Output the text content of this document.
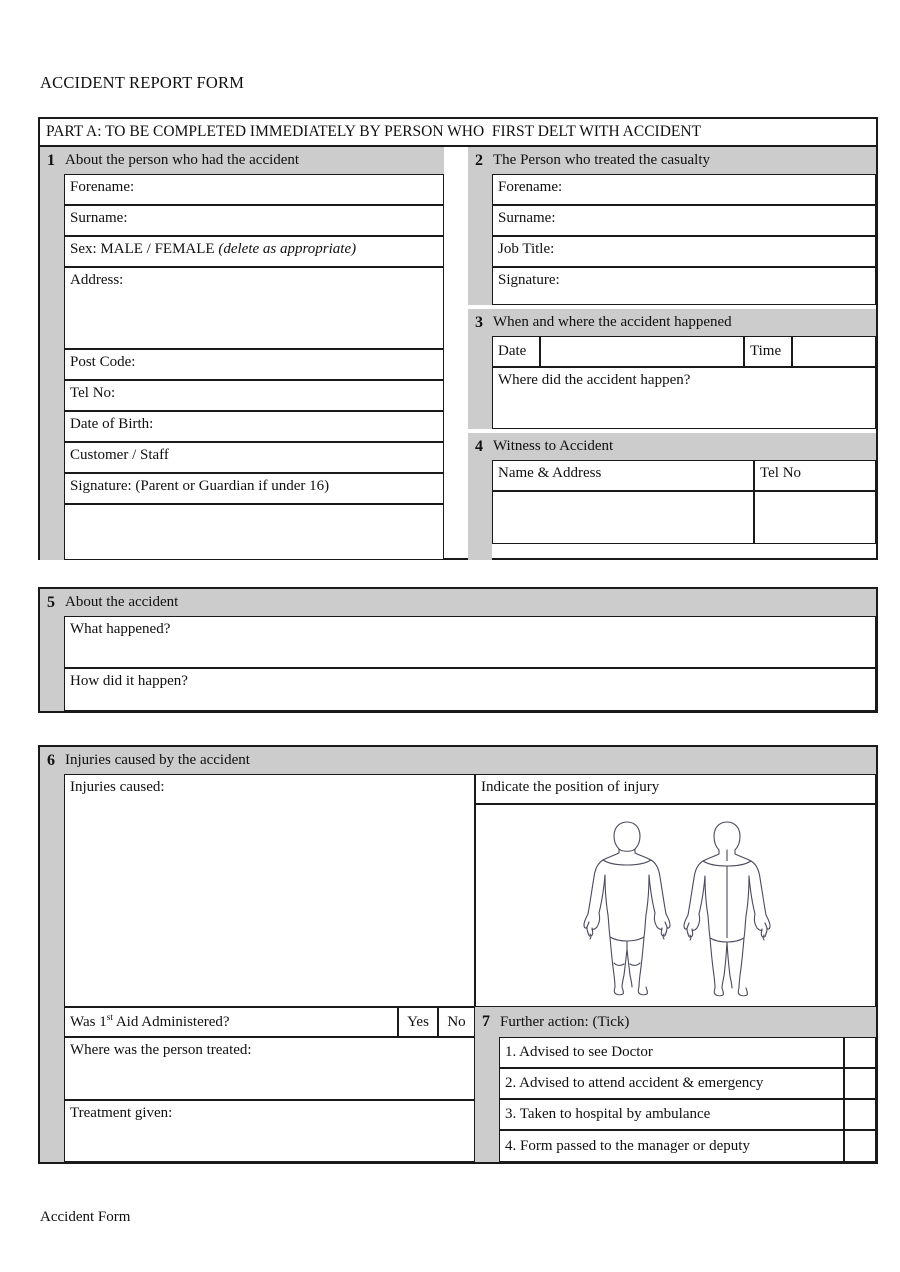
ACCIDENT REPORT FORM

PART A: TO BE COMPLETED IMMEDIATELY BY PERSON WHO  FIRST DELT WITH ACCIDENT
1 About the person who had the accident
Forename:
Surname:
Sex: MALE / FEMALE (delete as appropriate)
Address:
Post Code:
Tel No:
Date of Birth:
Customer / Staff
Signature: (Parent or Guardian if under 16)
2 The Person who treated the casualty
Forename:
Surname:
Job Title:
Signature:
3 When and where the accident happened
Date	Time
Where did the accident happen?
4 Witness to Accident
Name & Address	Tel No
5 About the accident
What happened?
How did it happen?
6 Injuries caused by the accident
Injuries caused:	Indicate the position of injury
Was 1st Aid Administered?	Yes No
Where was the person treated:
Treatment given:
7 Further action: (Tick)
1. Advised to see Doctor
2. Advised to attend accident & emergency
3. Taken to hospital by ambulance
4. Form passed to the manager or deputy
Accident Form
